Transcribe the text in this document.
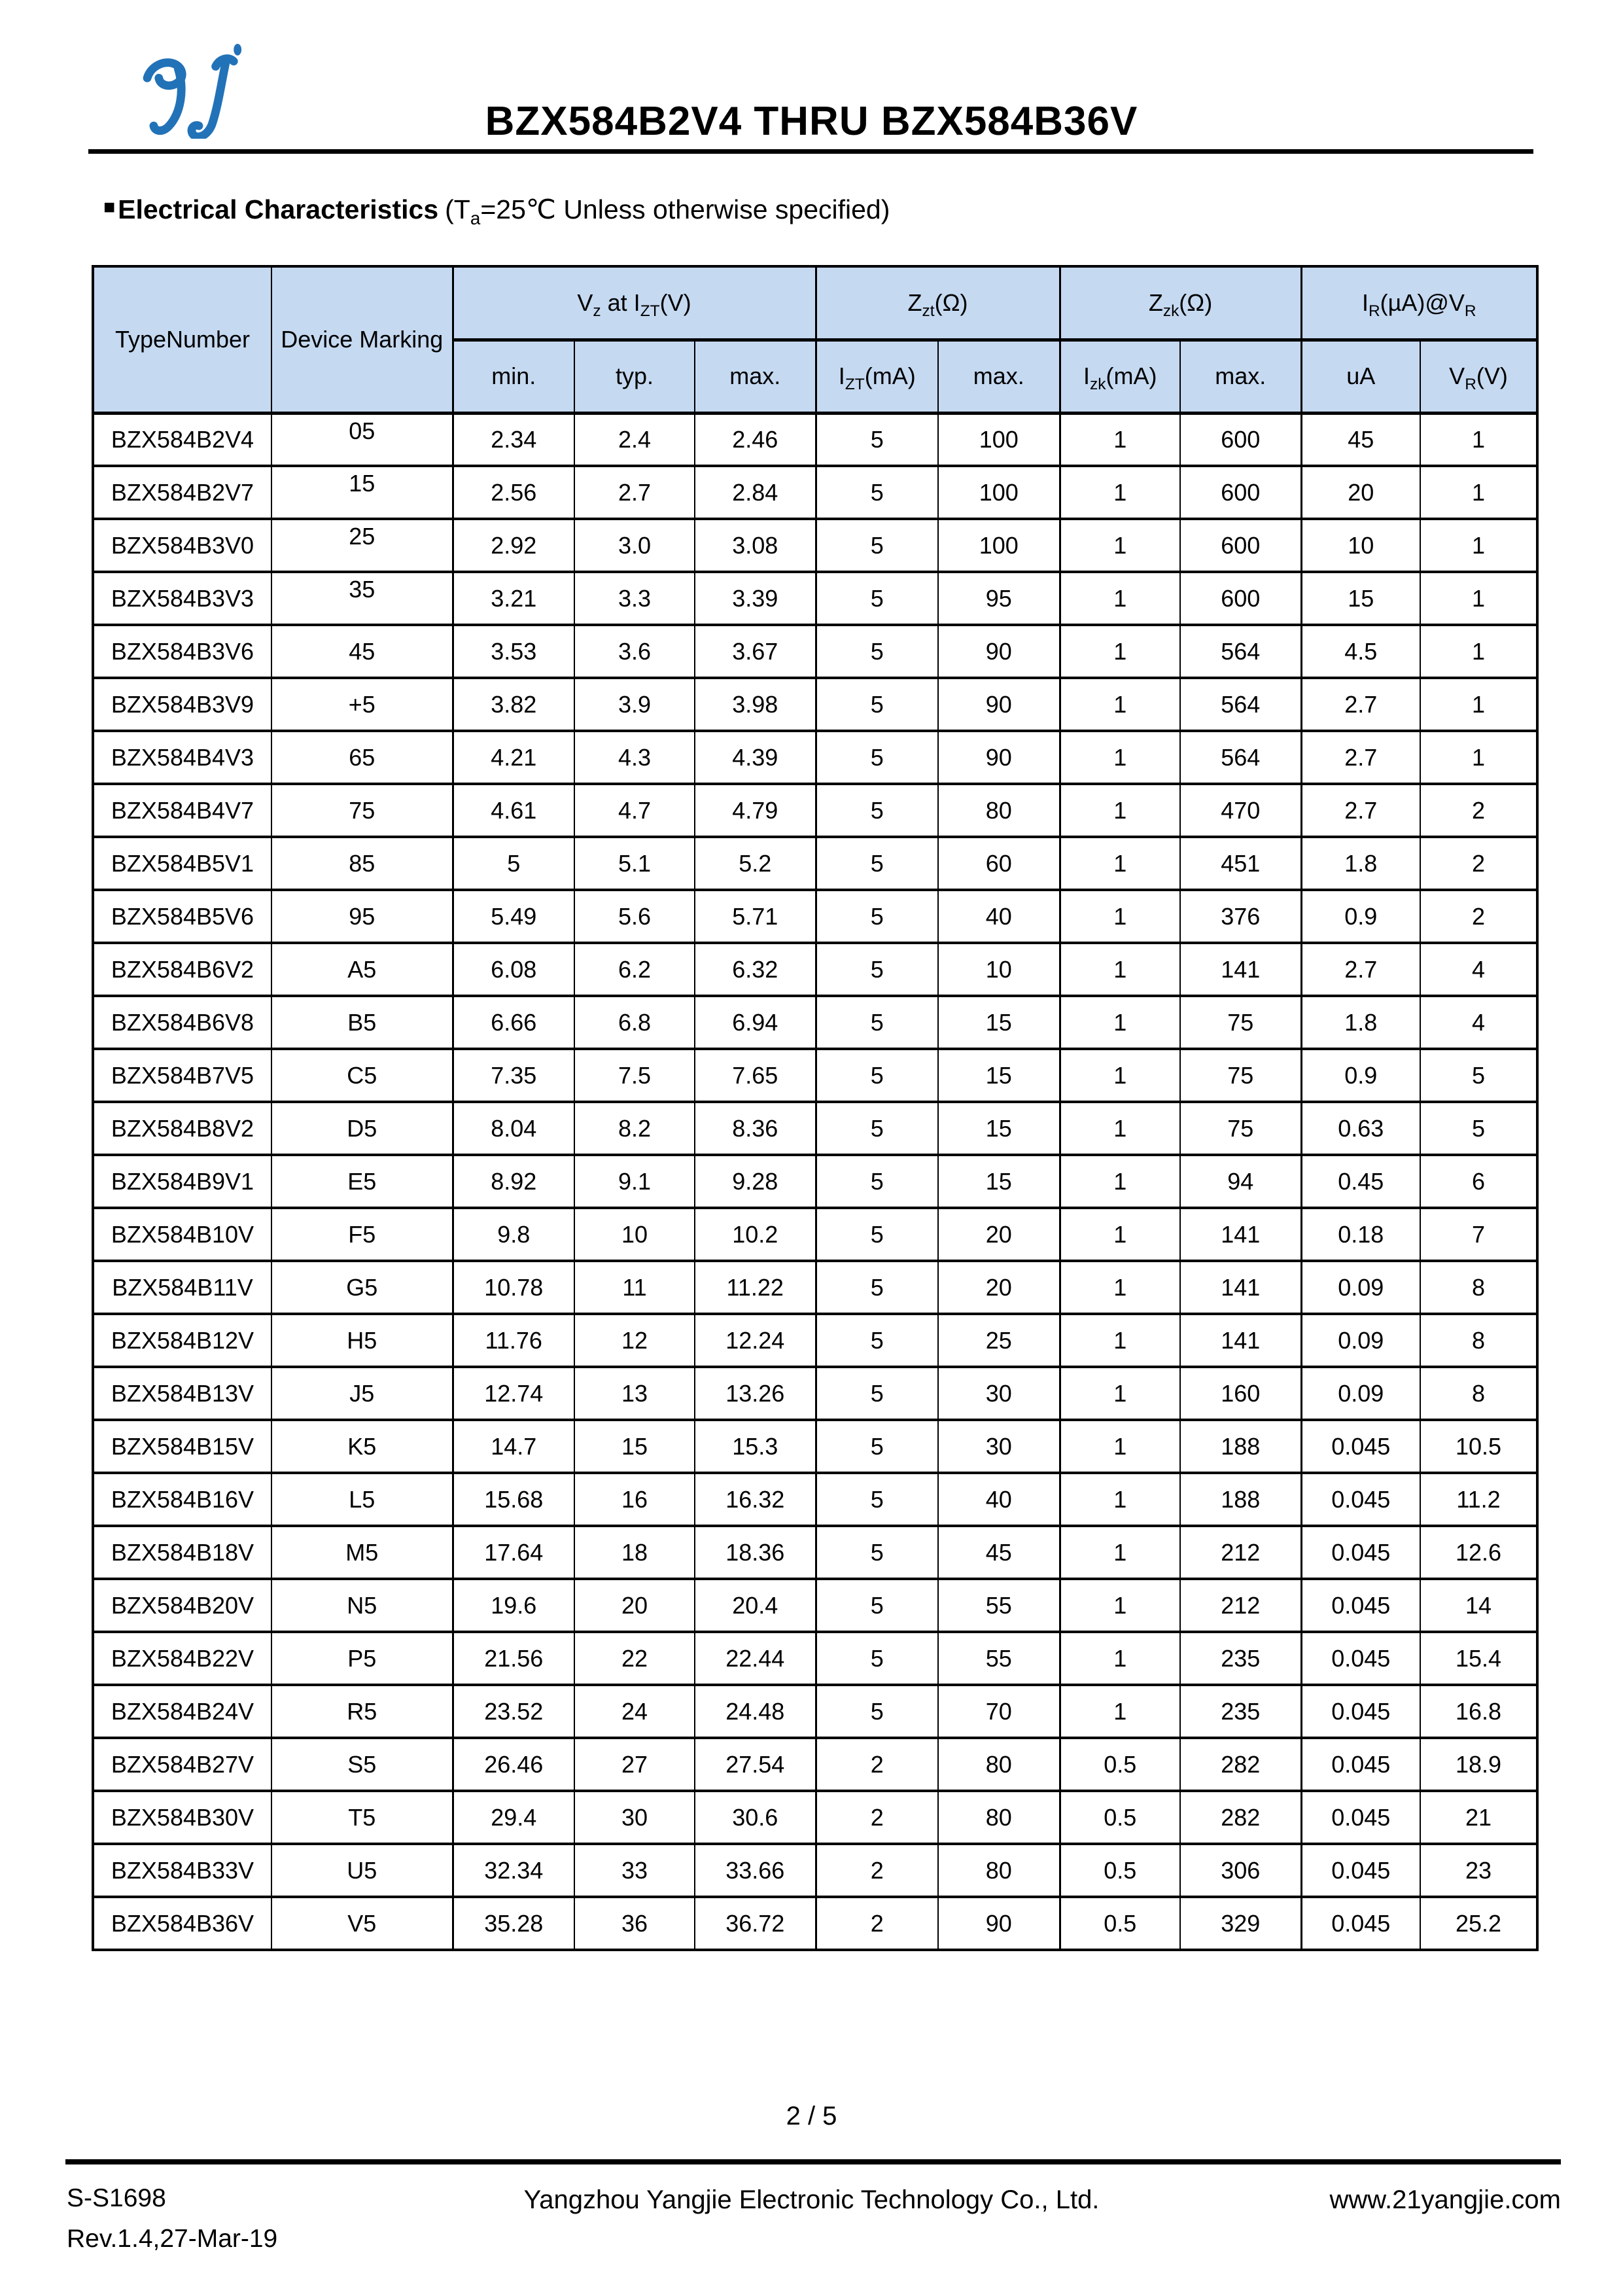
BZX584B2V4 THRU BZX584B36V
■Electrical Characteristics ($T_a=25℃$ Unless otherwise specified)
TypeNumber	Device Marking	$V_z$ at $I_{ZT}(V)$			$Z_{zt}(\Omega)$		$Z_{zk}(\Omega)$		$I_R(\mu A)@V_R$
		min.	typ.	max.	$I_{ZT}(mA)$	max.	$I_{zk}(mA)$	max.	uA	$V_R(V)$
BZX584B2V4	05	2.34	2.4	2.46	5	100	1	600	45	1
BZX584B2V7	15	2.56	2.7	2.84	5	100	1	600	20	1
BZX584B3V0	25	2.92	3.0	3.08	5	100	1	600	10	1
BZX584B3V3	35	3.21	3.3	3.39	5	95	1	600	15	1
BZX584B3V6	45	3.53	3.6	3.67	5	90	1	564	4.5	1
BZX584B3V9	+5	3.82	3.9	3.98	5	90	1	564	2.7	1
BZX584B4V3	65	4.21	4.3	4.39	5	90	1	564	2.7	1
BZX584B4V7	75	4.61	4.7	4.79	5	80	1	470	2.7	2
BZX584B5V1	85	5	5.1	5.2	5	60	1	451	1.8	2
BZX584B5V6	95	5.49	5.6	5.71	5	40	1	376	0.9	2
BZX584B6V2	A5	6.08	6.2	6.32	5	10	1	141	2.7	4
BZX584B6V8	B5	6.66	6.8	6.94	5	15	1	75	1.8	4
BZX584B7V5	C5	7.35	7.5	7.65	5	15	1	75	0.9	5
BZX584B8V2	D5	8.04	8.2	8.36	5	15	1	75	0.63	5
BZX584B9V1	E5	8.92	9.1	9.28	5	15	1	94	0.45	6
BZX584B10V	F5	9.8	10	10.2	5	20	1	141	0.18	7
BZX584B11V	G5	10.78	11	11.22	5	20	1	141	0.09	8
BZX584B12V	H5	11.76	12	12.24	5	25	1	141	0.09	8
BZX584B13V	J5	12.74	13	13.26	5	30	1	160	0.09	8
BZX584B15V	K5	14.7	15	15.3	5	30	1	188	0.045	10.5
BZX584B16V	L5	15.68	16	16.32	5	40	1	188	0.045	11.2
BZX584B18V	M5	17.64	18	18.36	5	45	1	212	0.045	12.6
BZX584B20V	N5	19.6	20	20.4	5	55	1	212	0.045	14
BZX584B22V	P5	21.56	22	22.44	5	55	1	235	0.045	15.4
BZX584B24V	R5	23.52	24	24.48	5	70	1	235	0.045	16.8
BZX584B27V	S5	26.46	27	27.54	2	80	0.5	282	0.045	18.9
BZX584B30V	T5	29.4	30	30.6	2	80	0.5	282	0.045	21
BZX584B33V	U5	32.34	33	33.66	2	80	0.5	306	0.045	23
BZX584B36V	V5	35.28	36	36.72	2	90	0.5	329	0.045	25.2
2 / 5
S-S1698
Rev.1.4,27-Mar-19
Yangzhou Yangjie Electronic Technology Co., Ltd.	www.21yangjie.com
